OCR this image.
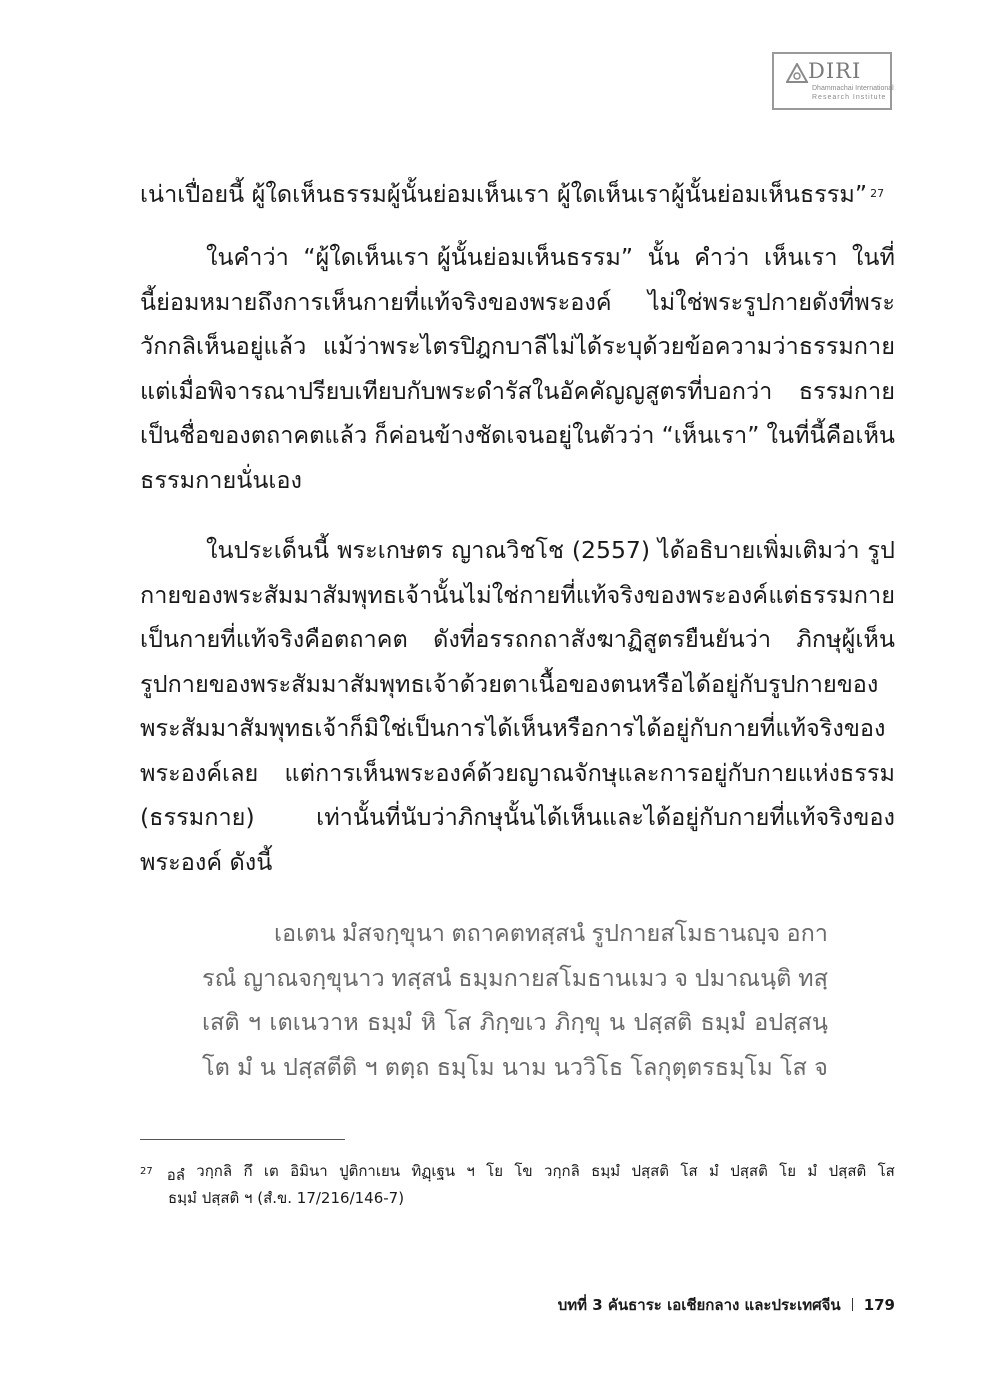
DIRI
Dhammachai International
Research Institute
เน่าเปื่อยนี้ ผู้ใดเห็นธรรมผู้นั้นย่อมเห็นเรา ผู้ใดเห็นเราผู้นั้นย่อมเห็นธรรม” 27
ในคำว่า “ผู้ใดเห็นเรา ผู้นั้นย่อมเห็นธรรม” นั้น คำว่า เห็นเรา ในที่
นี้ย่อมหมายถึงการเห็นกายที่แท้จริงของพระองค์ ไม่ใช่พระรูปกายดังที่พระ
วักกลิเห็นอยู่แล้ว แม้ว่าพระไตรปิฎกบาลีไม่ได้ระบุด้วยข้อความว่าธรรมกาย
แต่เมื่อพิจารณาปรียบเทียบกับพระดำรัสในอัคคัญญสูตรที่บอกว่า ธรรมกาย
เป็นชื่อของตถาคตแล้ว ก็ค่อนข้างชัดเจนอยู่ในตัวว่า “เห็นเรา” ในที่นี้คือเห็น
ธรรมกายนั่นเอง
ในประเด็นนี้ พระเกษตร ญาณวิชโช (2557) ได้อธิบายเพิ่มเติมว่า รูป
กายของพระสัมมาสัมพุทธเจ้านั้นไม่ใช่กายที่แท้จริงของพระองค์ แต่ธรรมกาย
เป็นกายที่แท้จริงคือตถาคต ดังที่อรรถกถาสังฆาฏิสูตรยืนยันว่า ภิกษุผู้เห็น
รูปกายของพระสัมมาสัมพุทธเจ้าด้วยตาเนื้อของตนหรือได้อยู่กับรูปกายของ
พระสัมมาสัมพุทธเจ้าก็มิใช่เป็นการได้เห็นหรือการได้อยู่กับกายที่แท้จริงของ
พระองค์เลย แต่การเห็นพระองค์ด้วยญาณจักษุและการอยู่กับกายแห่งธรรม
(ธรรมกาย)	เท่านั้นที่นับว่าภิกษุนั้นได้เห็นและได้อยู่กับกายที่แท้จริงของ
พระองค์
ดังนี้
เอเตน มํสจกฺขุนา ตถาคตทสฺสนํ รูปกายสโมธานญฺจ อกา
รณํ ญาณจกฺขุนาว ทสฺสนํ ธมฺมกายสโมธานเมว จ ปมาณนฺติ ทสฺ
เสติ ฯ เตเนวาห ธมฺมํ หิ โส ภิกฺขเว ภิกฺขุ น ปสฺสติ ธมฺมํ อปสฺสนฺ
โต มํ น ปสฺสตีติ ฯ ตตฺถ ธมฺโม นาม นววิโธ โลกุตฺตรธมฺโม โส จ
$^{27}$ อลํ วกฺกลิ กึ เต อิมินา ปูติกาเยน ทิฏฺเฐน ฯ โย โข วกฺกลิ ธมฺมํ ปสฺสติ โส มํ ปสฺสติ โย มํ ปสฺสติ โส
ธมฺมํ ปสฺสติ ฯ (สํ.ข. 17/216/146-7)
บทที่ 3 คันธาระ เอเชียกลาง และประเทศจีน 179
